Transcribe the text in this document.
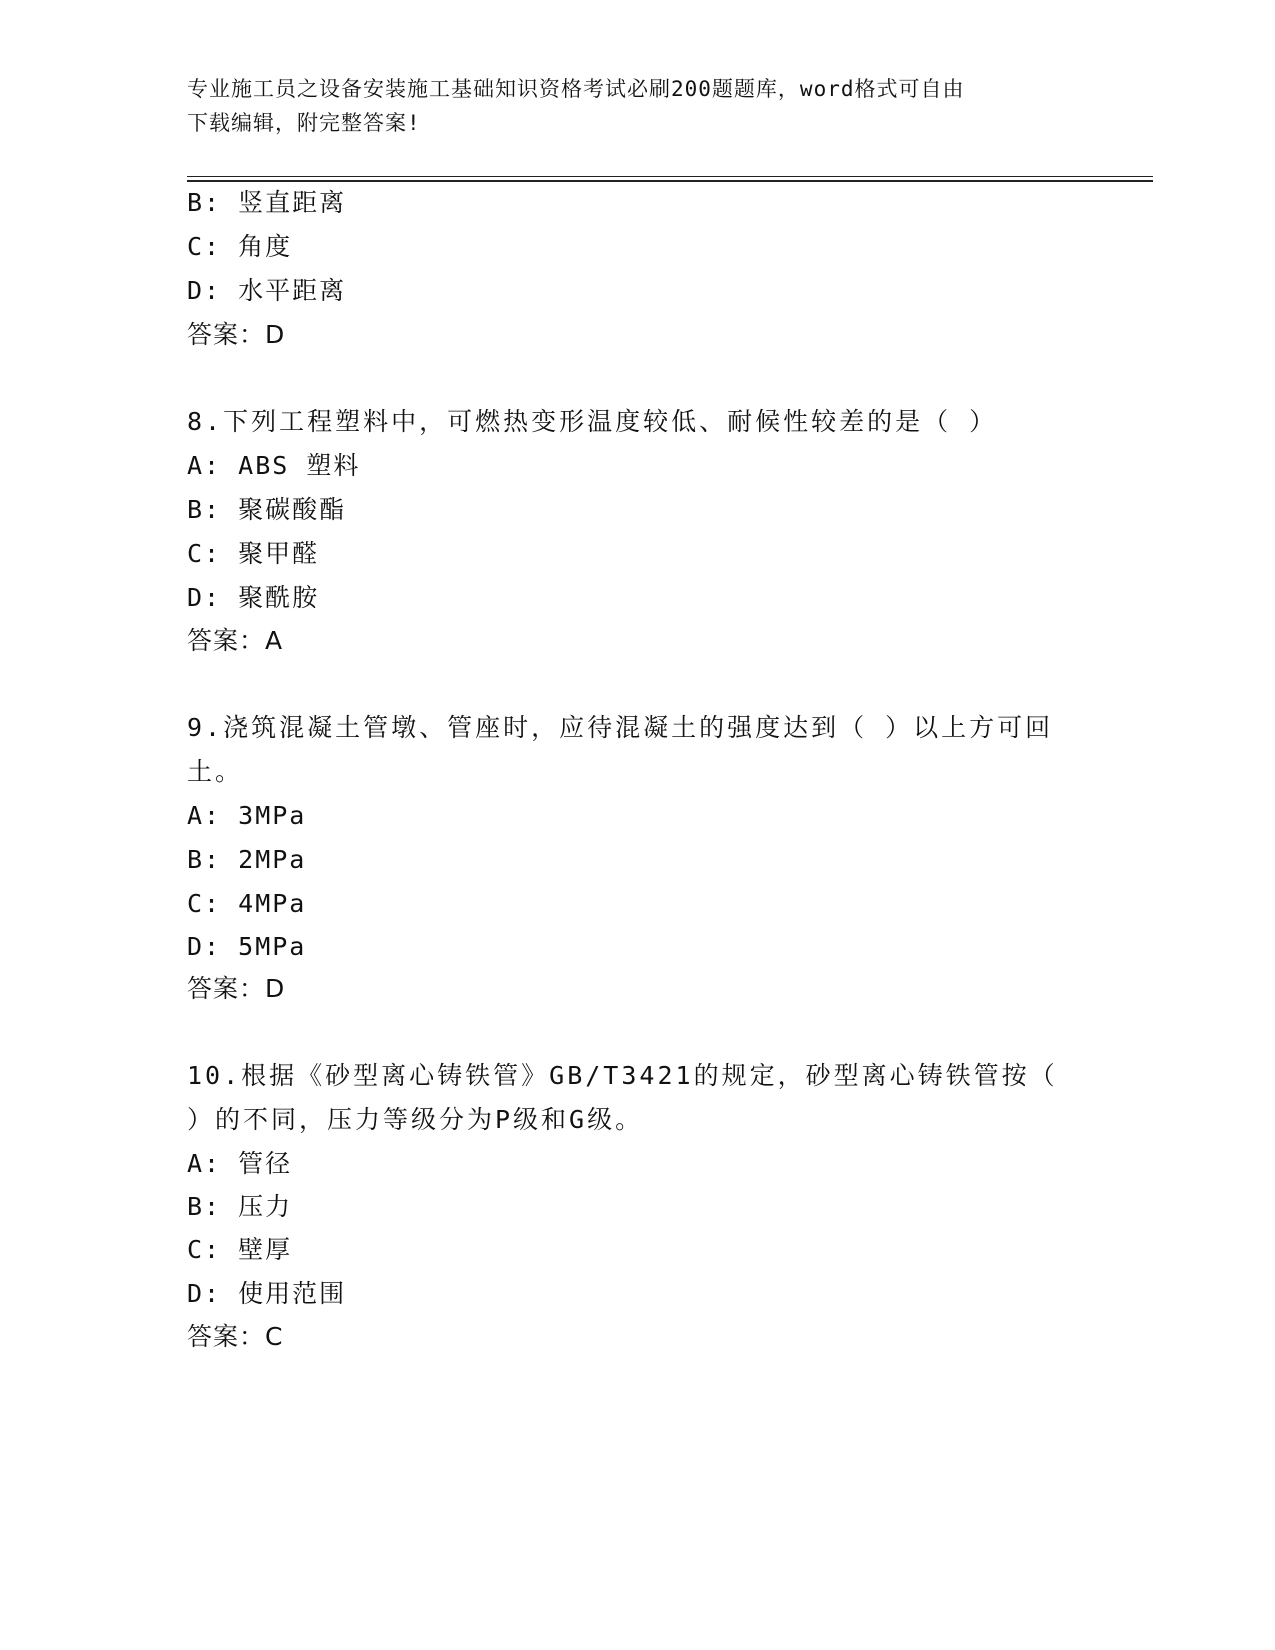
专业施工员之设备安装施工基础知识资格考试必刷200题题库，word格式可自由
下载编辑，附完整答案!
B: 竖直距离
C: 角度
D: 水平距离
答案：D
8.下列工程塑料中，可燃热变形温度较低、耐候性较差的是（ ）
A: ABS 塑料
B: 聚碳酸酯
C: 聚甲醛
D: 聚酰胺
答案：A
9.浇筑混凝土管墩、管座时，应待混凝土的强度达到（ ）以上方可回
土。
A: 3MPa
B: 2MPa
C: 4MPa
D: 5MPa
答案：D
10.根据《砂型离心铸铁管》GB/T3421的规定，砂型离心铸铁管按（
）的不同，压力等级分为P级和G级。
A: 管径
B: 压力
C: 壁厚
D: 使用范围
答案：C
